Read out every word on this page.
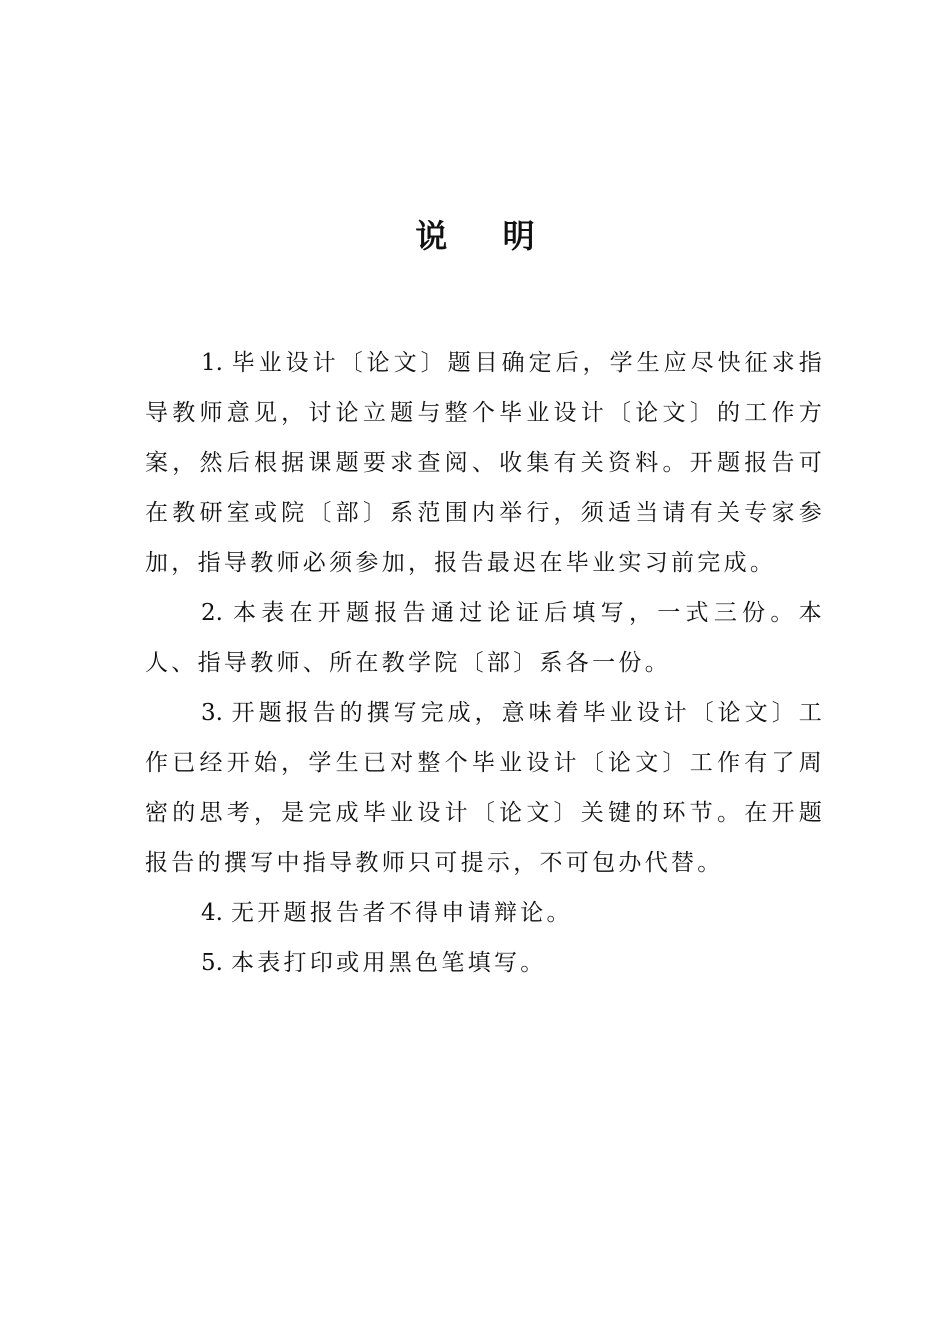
说 明

1. 毕业设计〔论文〕题目确定后，学生应尽快征求指导教师意见，讨论立题与整个毕业设计〔论文〕的工作方案，然后根据课题要求查阅、收集有关资料。开题报告可在教研室或院〔部〕系范围内举行，须适当请有关专家参加，指导教师必须参加，报告最迟在毕业实习前完成。

2. 本表在开题报告通过论证后填写，一式三份。本人、指导教师、所在教学院〔部〕系各一份。

3. 开题报告的撰写完成，意味着毕业设计〔论文〕工作已经开始，学生已对整个毕业设计〔论文〕工作有了周密的思考，是完成毕业设计〔论文〕关键的环节。在开题报告的撰写中指导教师只可提示，不可包办代替。

4. 无开题报告者不得申请辩论。

5. 本表打印或用黑色笔填写。
